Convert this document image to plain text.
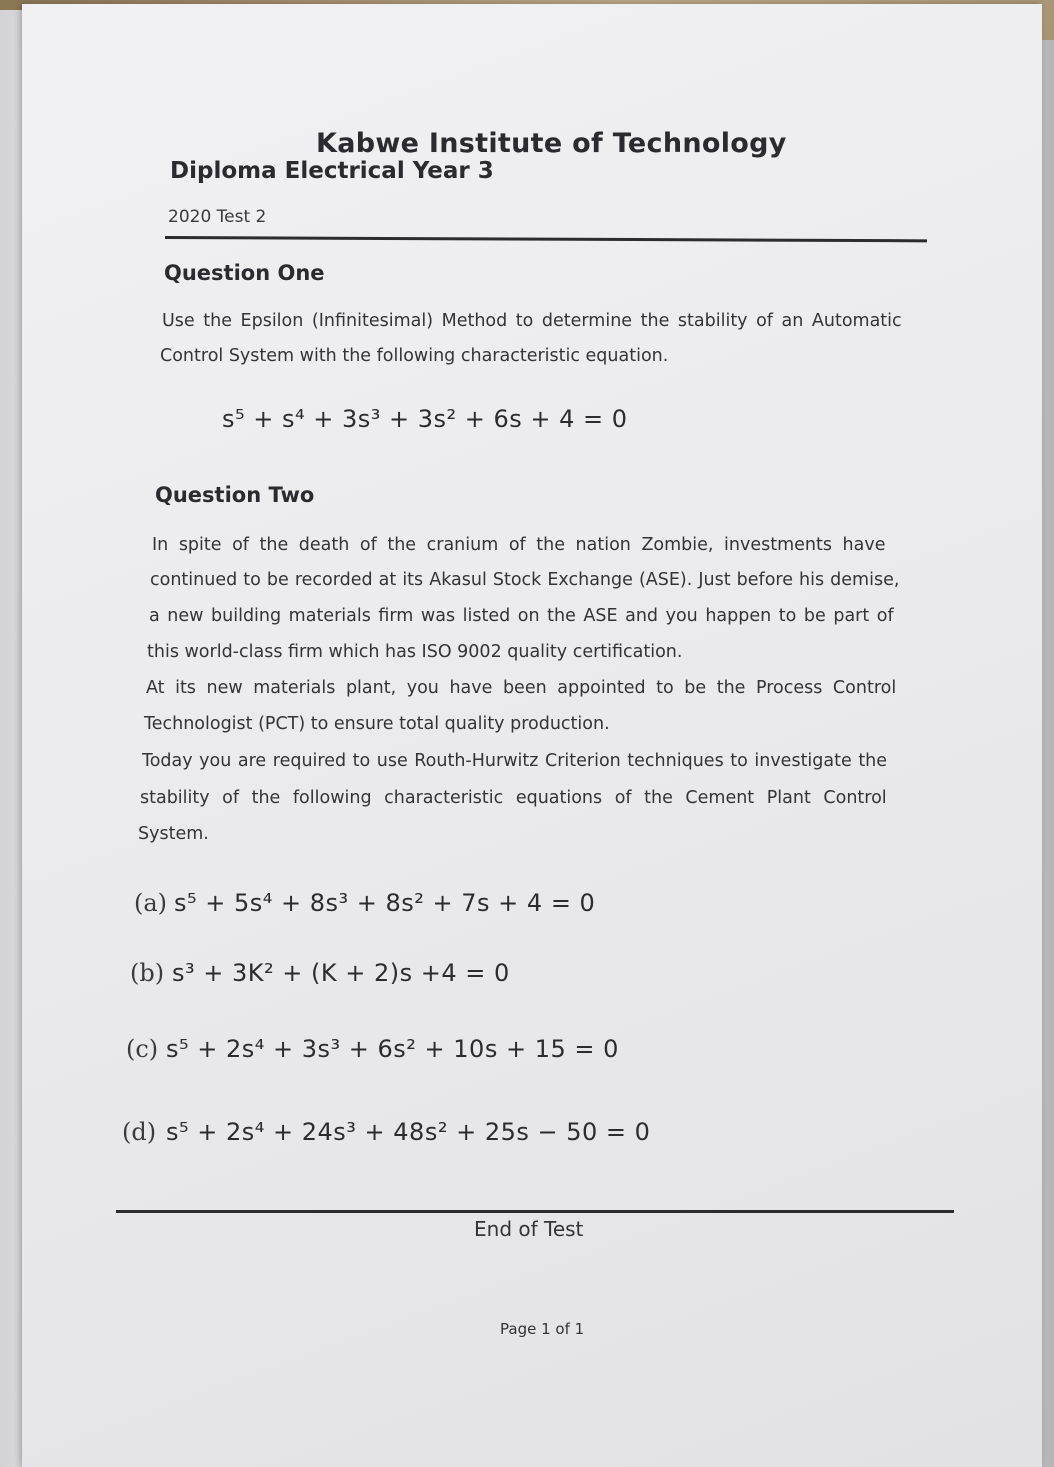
Kabwe Institute of Technology
Diploma Electrical Year 3
2020 Test 2
Question One
Use the Epsilon (Infinitesimal) Method to determine the stability of an Automatic
Control System with the following characteristic equation.
s⁵ + s⁴ + 3s³ + 3s² + 6s + 4 = 0
Question Two
In spite of the death of the cranium of the nation Zombie, investments have
continued to be recorded at its Akasul Stock Exchange (ASE). Just before his demise,
a new building materials firm was listed on the ASE and you happen to be part of
this world-class firm which has ISO 9002 quality certification.
At its new materials plant, you have been appointed to be the Process Control
Technologist (PCT) to ensure total quality production.
Today you are required to use Routh-Hurwitz Criterion techniques to investigate the
stability of the following characteristic equations of the Cement Plant Control
System.
(a) s⁵ + 5s⁴ + 8s³ + 8s² + 7s + 4 = 0
(b) s³ + 3K² + (K + 2)s +4 = 0
(c) s⁵ + 2s⁴ + 3s³ + 6s² + 10s + 15 = 0
(d) s⁵ + 2s⁴ + 24s³ + 48s² + 25s − 50 = 0
End of Test
Page 1 of 1
